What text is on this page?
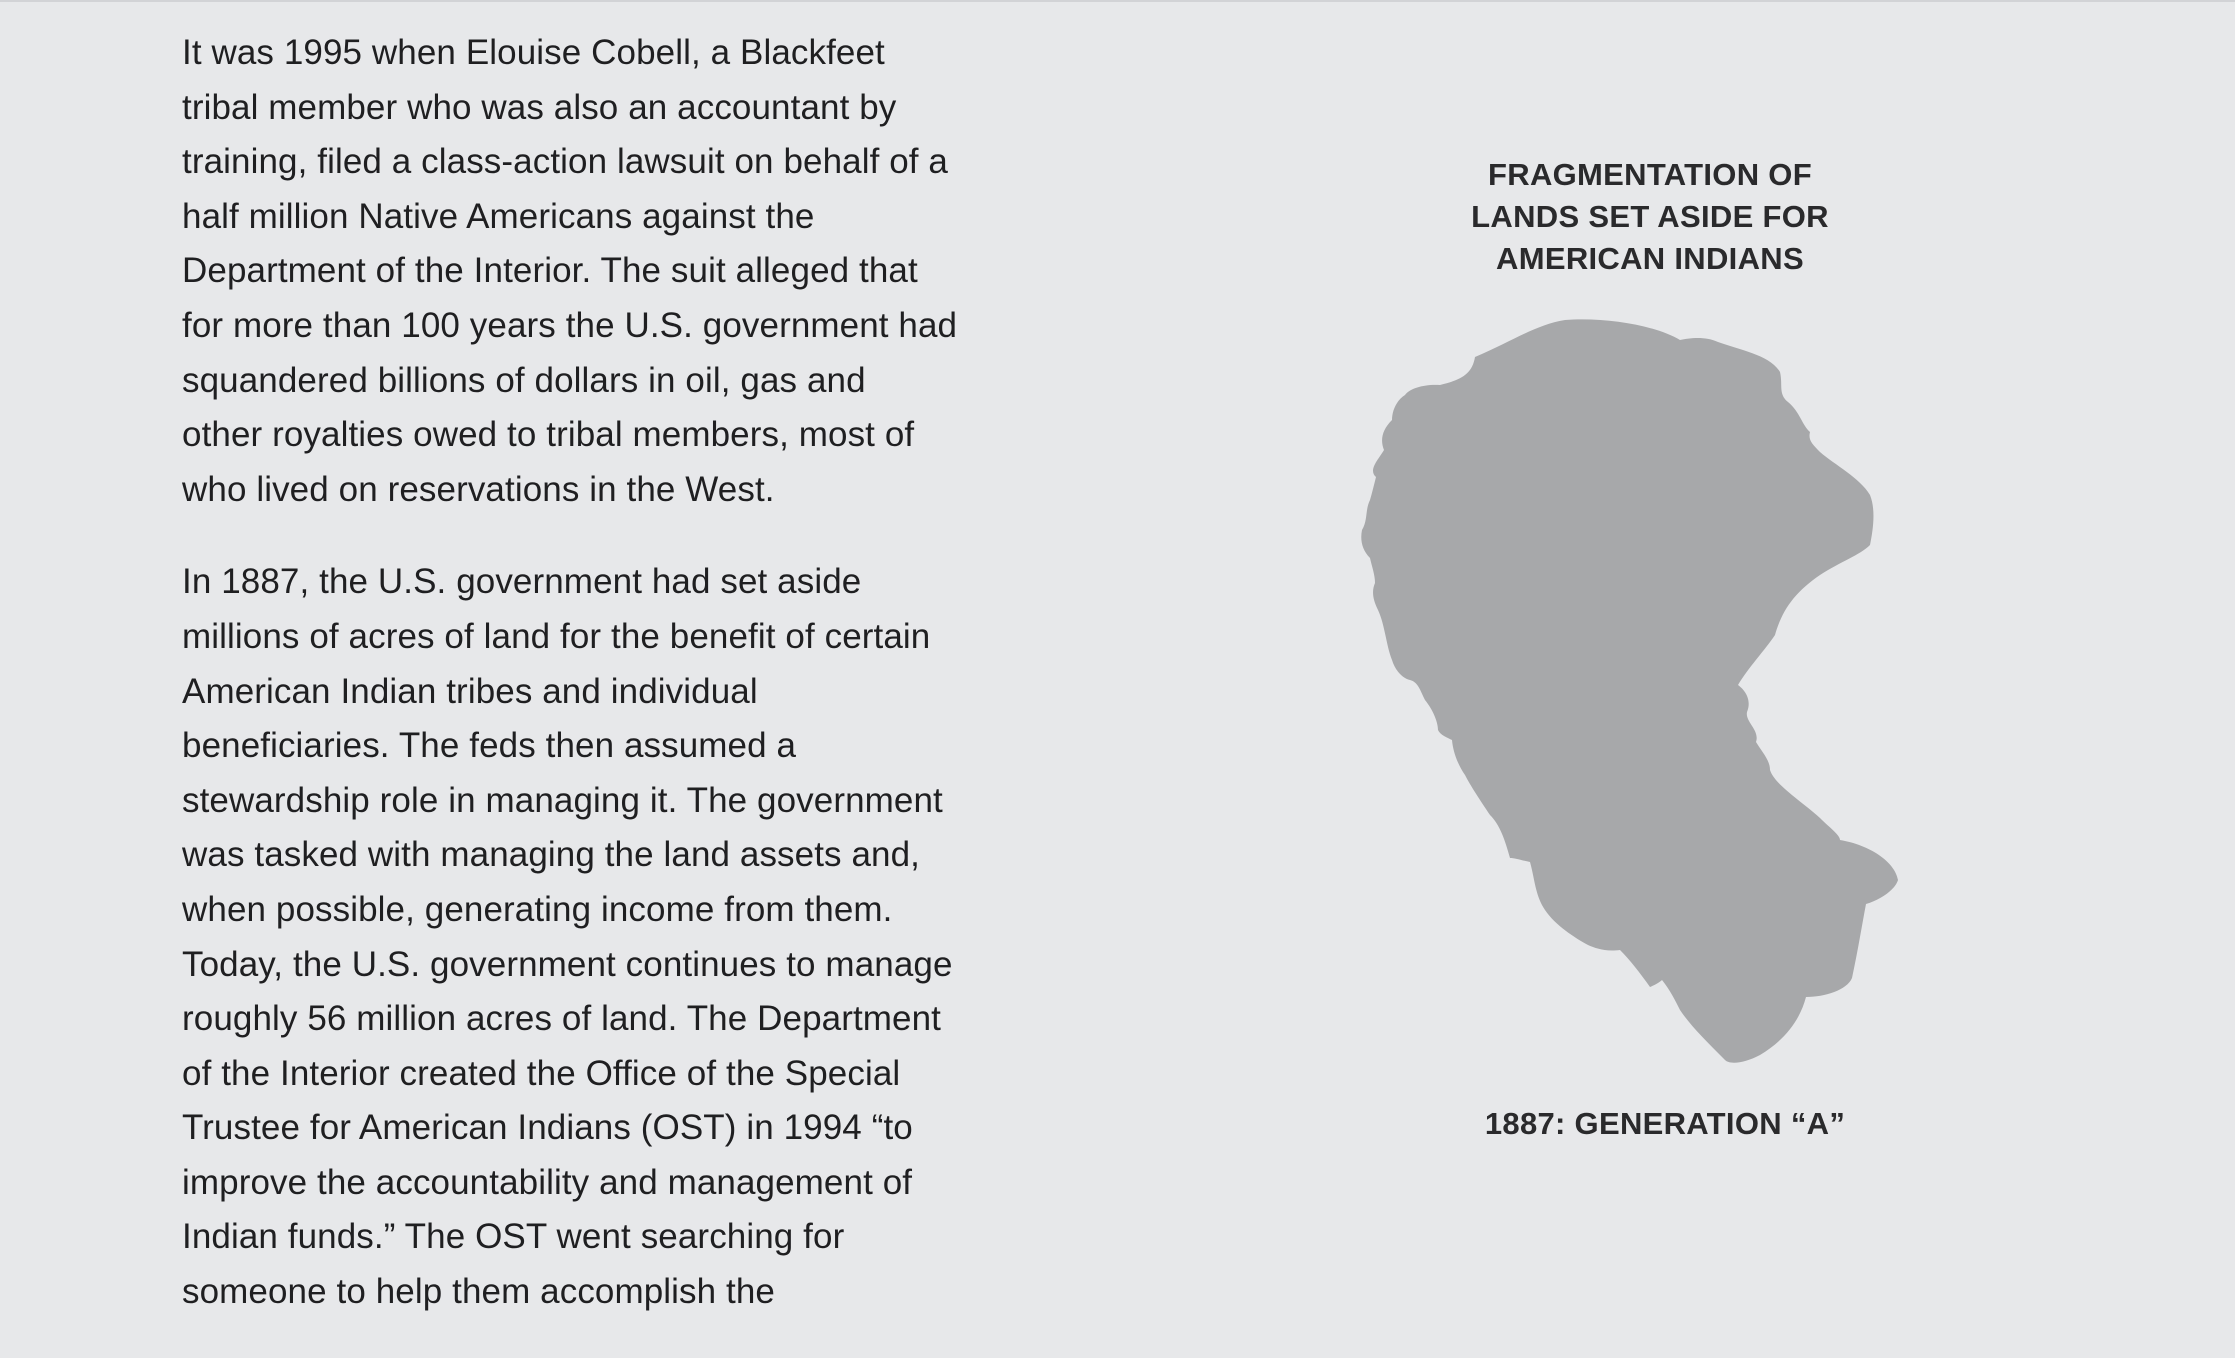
It was 1995 when Elouise Cobell, a Blackfeet
tribal member who was also an accountant by
training, filed a class-action lawsuit on behalf of a
half million Native Americans against the
Department of the Interior. The suit alleged that
for more than 100 years the U.S. government had
squandered billions of dollars in oil, gas and
other royalties owed to tribal members, most of
who lived on reservations in the West.

In 1887, the U.S. government had set aside
millions of acres of land for the benefit of certain
American Indian tribes and individual
beneficiaries. The feds then assumed a
stewardship role in managing it. The government
was tasked with managing the land assets and,
when possible, generating income from them.
Today, the U.S. government continues to manage
roughly 56 million acres of land. The Department
of the Interior created the Office of the Special
Trustee for American Indians (OST) in 1994 “to
improve the accountability and management of
Indian funds.” The OST went searching for
someone to help them accomplish the

FRAGMENTATION OF
LANDS SET ASIDE FOR
AMERICAN INDIANS
1887: GENERATION “A”
